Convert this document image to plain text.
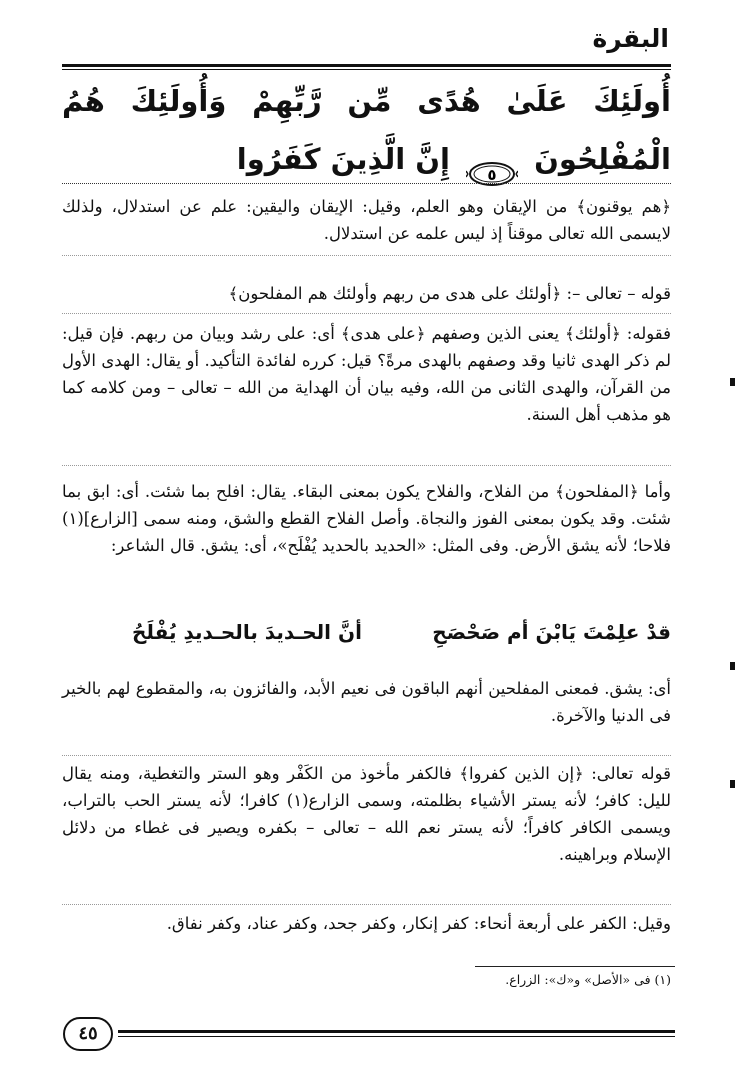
البقرة
أُولَئِكَ عَلَىٰ هُدًى مِّن رَّبِّهِمْ وَأُولَئِكَ هُمُ الْمُفْلِحُونَ
٥
إِنَّ الَّذِينَ كَفَرُوا
﴿هم يوقنون﴾ من الإيقان وهو العلم، وقيل: الإيقان واليقين: علم عن استدلال، ولذلك لايسمى الله تعالى موقناً إذ ليس علمه عن استدلال.
قوله – تعالى –: ﴿أولئك على هدى من ربهم وأولئك هم المفلحون﴾
فقوله: ﴿أولئك﴾ يعنى الذين وصفهم ﴿على هدى﴾ أى: على رشد وبيان من ربهم. فإن قيل: لم ذكر الهدى ثانيا وقد وصفهم بالهدى مرةً؟ قيل: كرره لفائدة التأكيد. أو يقال: الهدى الأول من القرآن، والهدى الثانى من الله، وفيه بيان أن الهداية من الله – تعالى – ومن كلامه كما هو مذهب أهل السنة.
وأما ﴿المفلحون﴾ من الفلاح، والفلاح يكون بمعنى البقاء. يقال: افلح بما شئت. أى: ابق بما شئت. وقد يكون بمعنى الفوز والنجاة. وأصل الفلاح القطع والشق، ومنه سمى [الزارع](١) فلاحا؛ لأنه يشق الأرض. وفى المثل: «الحديد بالحديد يُفْلَح»، أى: يشق. قال الشاعر:
قدْ علِمْتَ يَابْنَ أم صَحْصَحِ
أنَّ الحـديدَ بالحـديدِ يُفْلَحُ
أى: يشق. فمعنى المفلحين أنهم الباقون فى نعيم الأبد، والفائزون به، والمقطوع لهم بالخير فى الدنيا والآخرة.
قوله تعالى: ﴿إن الذين كفروا﴾ فالكفر مأخوذ من الكَفْر وهو الستر والتغطية، ومنه يقال لليل: كافر؛ لأنه يستر الأشياء بظلمته، وسمى الزارع(١) كافرا؛ لأنه يستر الحب بالتراب، ويسمى الكافر كافراً؛ لأنه يستر نعم الله – تعالى – بكفره ويصير فى غطاء من دلائل الإسلام وبراهينه.
وقيل: الكفر على أربعة أنحاء: كفر إنكار، وكفر جحد، وكفر عناد، وكفر نفاق.
(١) فى «الأصل» و«ك»: الزراع.
٤٥
